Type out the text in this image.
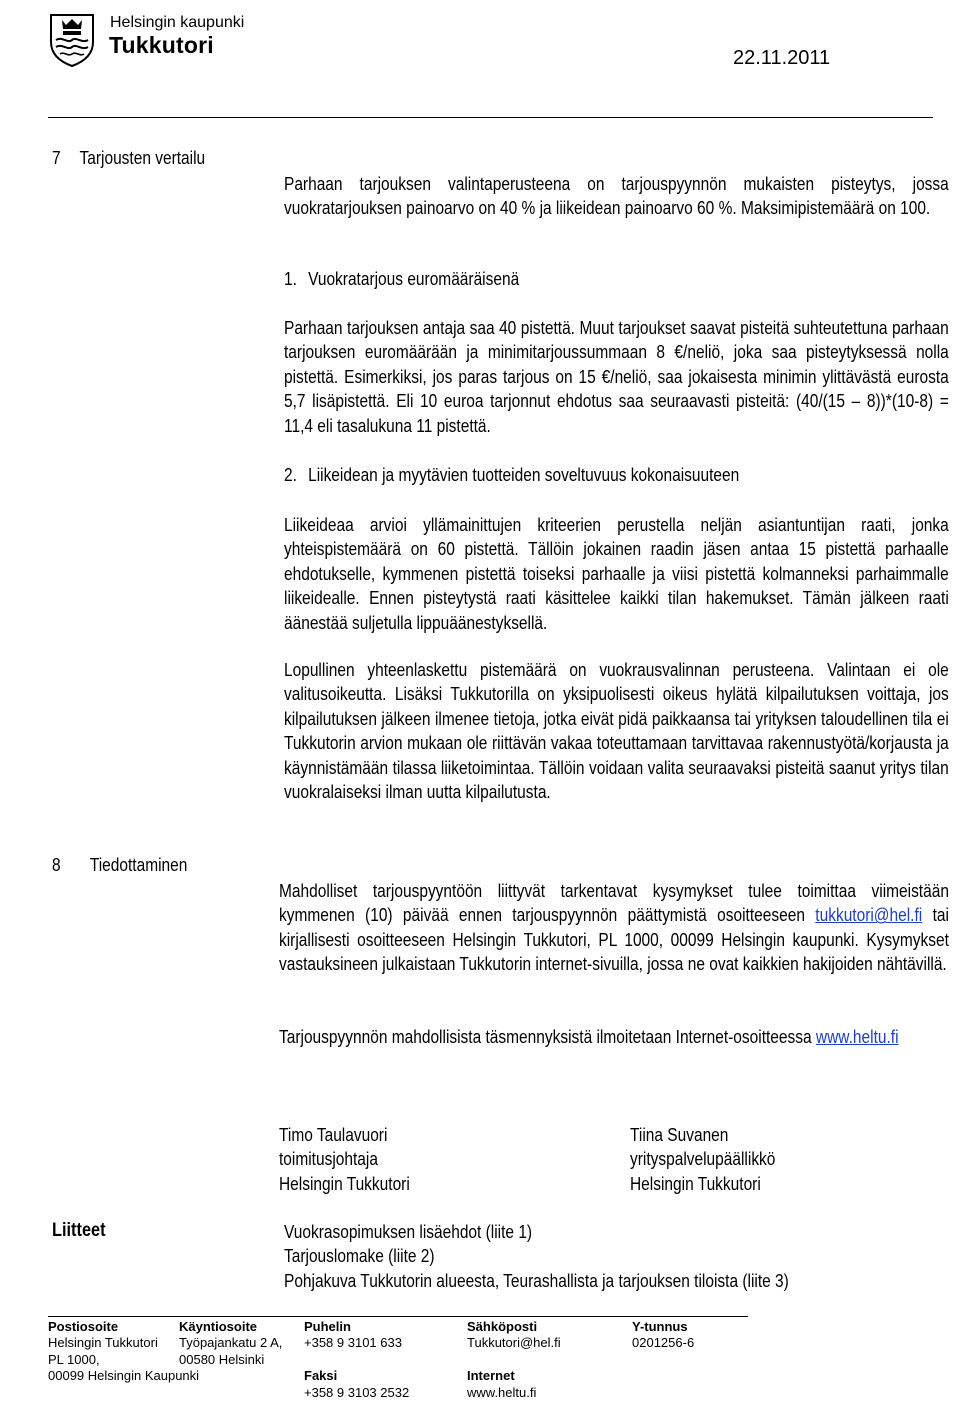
Helsingin kaupunki
Tukkutori	22.11.2011
7 Tarjousten vertailu

Parhaan tarjouksen valintaperusteena on tarjouspyynnön mukaisten pisteytys, jossa vuokratarjouksen painoarvo on 40 % ja liikeidean painoarvo 60 %. Maksimipistemäärä on 100.

1. Vuokratarjous euromääräisenä

Parhaan tarjouksen antaja saa 40 pistettä. Muut tarjoukset saavat pisteitä suhteutettuna parhaan tarjouksen euromäärään ja minimitarjoussummaan 8 €/neliö, joka saa pisteytyksessä nolla pistettä. Esimerkiksi, jos paras tarjous on 15 €/neliö, saa jokaisesta minimin ylittävästä eurosta 5,7 lisäpistettä. Eli 10 euroa tarjonnut ehdotus saa seuraavasti pisteitä: (40/(15 – 8))*(10-8) = 11,4 eli tasalukuna 11 pistettä.

2. Liikeidean ja myytävien tuotteiden soveltuvuus kokonaisuuteen

Liikeideaa arvioi yllämainittujen kriteerien perustella neljän asiantuntijan raati, jonka yhteispistemäärä on 60 pistettä. Tällöin jokainen raadin jäsen antaa 15 pistettä parhaalle ehdotukselle, kymmenen pistettä toiseksi parhaalle ja viisi pistettä kolmanneksi parhaimmalle liikeidealle. Ennen pisteytystä raati käsittelee kaikki tilan hakemukset. Tämän jälkeen raati äänestää suljetulla lippuäänestyksellä.

Lopullinen yhteenlaskettu pistemäärä on vuokrausvalinnan perusteena. Valintaan ei ole valitusoikeutta. Lisäksi Tukkutorilla on yksipuolisesti oikeus hylätä kilpailutuksen voittaja, jos kilpailutuksen jälkeen ilmenee tietoja, jotka eivät pidä paikkaansa tai yrityksen taloudellinen tila ei Tukkutorin arvion mukaan ole riittävän vakaa toteuttamaan tarvittavaa rakennustyötä/korjausta ja käynnistämään tilassa liiketoimintaa. Tällöin voidaan valita seuraavaksi pisteitä saanut yritys tilan vuokralaiseksi ilman uutta kilpailutusta.

8 Tiedottaminen

Mahdolliset tarjouspyyntöön liittyvät tarkentavat kysymykset tulee toimittaa viimeistään kymmenen (10) päivää ennen tarjouspyynnön päättymistä osoitteeseen tukkutori@hel.fi tai kirjallisesti osoitteeseen Helsingin Tukkutori, PL 1000, 00099 Helsingin kaupunki. Kysymykset vastauksineen julkaistaan Tukkutorin internet-sivuilla, jossa ne ovat kaikkien hakijoiden nähtävillä.

Tarjouspyynnön mahdollisista täsmennyksistä ilmoitetaan Internet-osoitteessa www.heltu.fi

Timo Taulavuori
toimitusjohtaja
Helsingin Tukkutori
Tiina Suvanen
yrityspalvelupäällikkö
Helsingin Tukkutori
Liitteet	Vuokrasopimuksen lisäehdot (liite 1)
Tarjouslomake (liite 2)
Pohjakuva Tukkutorin alueesta, Teurashallista ja tarjouksen tiloista (liite 3)
Postiosoite
Helsingin Tukkutori
PL 1000,
00099 Helsingin Kaupunki
Käyntiosoite
Työpajankatu 2 A,
00580 Helsinki
Puhelin
+358 9 3101 633

Faksi
+358 9 3103 2532
Sähköposti
Tukkutori@hel.fi

Internet
www.heltu.fi
Y-tunnus
0201256-6
